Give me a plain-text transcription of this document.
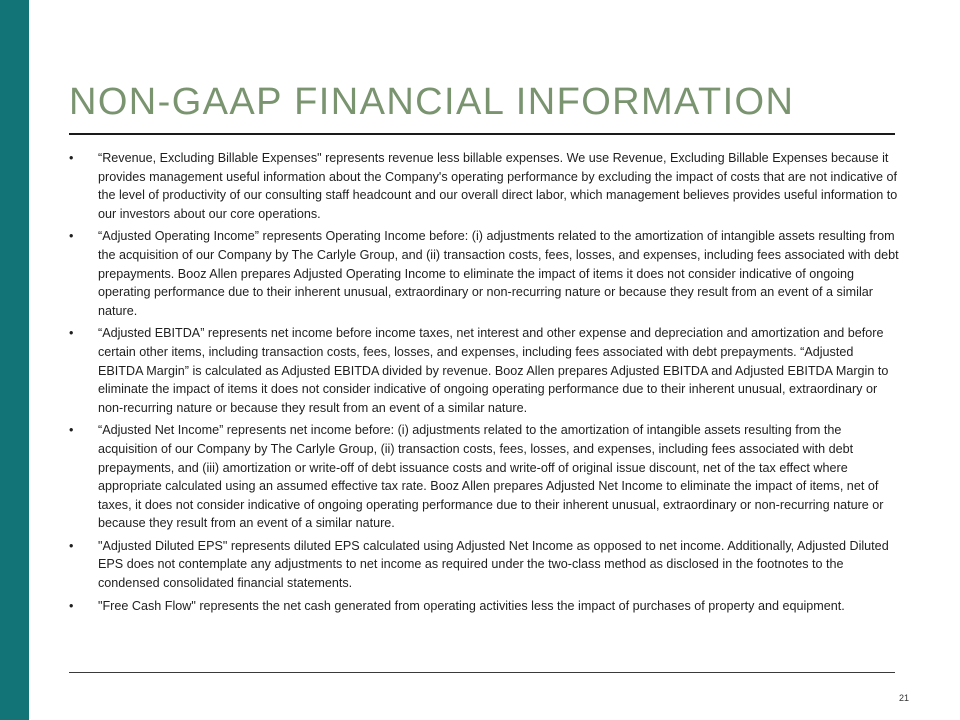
NON-GAAP FINANCIAL INFORMATION
•	“Revenue, Excluding Billable Expenses" represents revenue less billable expenses. We use Revenue, Excluding Billable Expenses because it provides management useful information about the Company's operating performance by excluding the impact of costs that are not indicative of the level of productivity of our consulting staff headcount and our overall direct labor, which management believes provides useful information to our investors about our core operations.
•	“Adjusted Operating Income” represents Operating Income before: (i) adjustments related to the amortization of intangible assets resulting from the acquisition of our Company by The Carlyle Group, and (ii) transaction costs, fees, losses, and expenses, including fees associated with debt prepayments. Booz Allen prepares Adjusted Operating Income to eliminate the impact of items it does not consider indicative of ongoing operating performance due to their inherent unusual, extraordinary or non-recurring nature or because they result from an event of a similar nature.
•	“Adjusted EBITDA” represents net income before income taxes, net interest and other expense and depreciation and amortization and before certain other items, including transaction costs, fees, losses, and expenses, including fees associated with debt prepayments. “Adjusted EBITDA Margin” is calculated as Adjusted EBITDA divided by revenue. Booz Allen prepares Adjusted EBITDA and Adjusted EBITDA Margin to eliminate the impact of items it does not consider indicative of ongoing operating performance due to their inherent unusual, extraordinary or non-recurring nature or because they result from an event of a similar nature.
•	“Adjusted Net Income” represents net income before: (i) adjustments related to the amortization of intangible assets resulting from the acquisition of our Company by The Carlyle Group, (ii) transaction costs, fees, losses, and expenses, including fees associated with debt prepayments, and (iii) amortization or write-off of debt issuance costs and write-off of original issue discount, net of the tax effect where appropriate calculated using an assumed effective tax rate. Booz Allen prepares Adjusted Net Income to eliminate the impact of items, net of taxes, it does not consider indicative of ongoing operating performance due to their inherent unusual, extraordinary or non-recurring nature or because they result from an event of a similar nature.
•	"Adjusted Diluted EPS" represents diluted EPS calculated using Adjusted Net Income as opposed to net income. Additionally, Adjusted Diluted EPS does not contemplate any adjustments to net income as required under the two-class method as disclosed in the footnotes to the condensed consolidated financial statements.
•	"Free Cash Flow" represents the net cash generated from operating activities less the impact of purchases of property and equipment.
21
